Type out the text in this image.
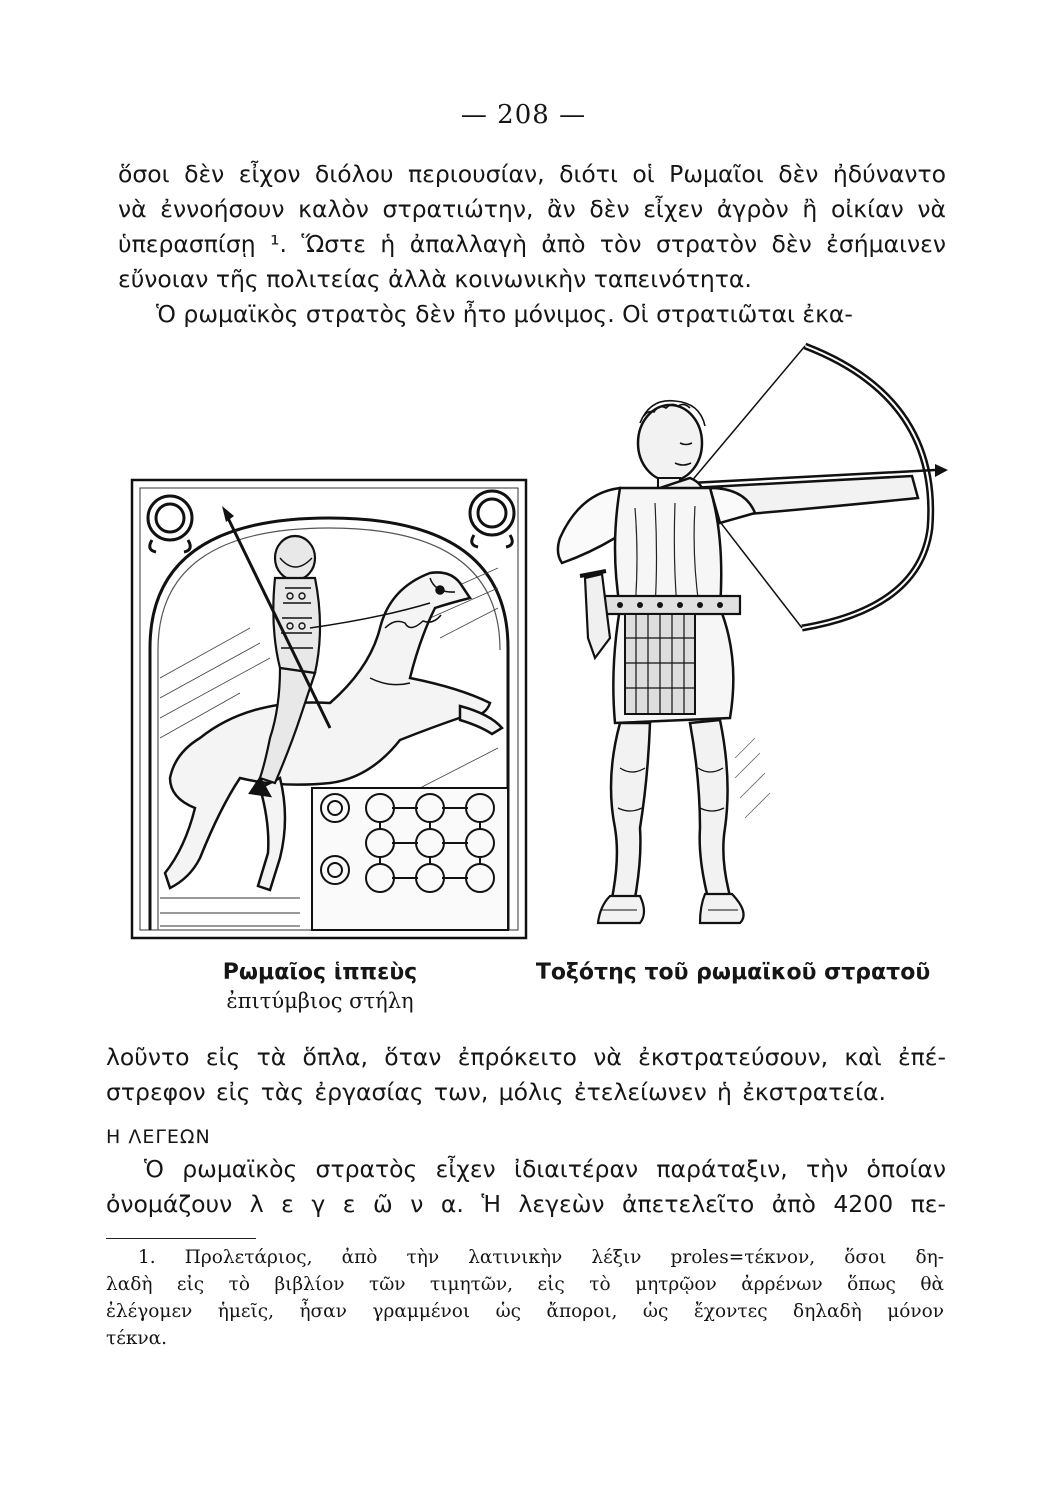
— 208 —
ὅσοι δὲν εἶχον διόλου περιουσίαν, διότι οἱ Ρωμαῖοι δὲν ἠδύναντο
νὰ ἐννοήσουν καλὸν στρατιώτην, ἂν δὲν εἶχεν ἀγρὸν ἢ οἰκίαν νὰ
ὑπερασπίσῃ ¹. Ὥστε ἡ ἀπαλλαγὴ ἀπὸ τὸν στρατὸν δὲν ἐσήμαινεν
εὔνοιαν τῆς πολιτείας ἀλλὰ κοινωνικὴν ταπεινότητα.
Ὁ ρωμαϊκὸς στρατὸς δὲν ἦτο μόνιμος. Οἱ στρατιῶται ἐκα-
Ρωμαῖος ἱππεὺς
ἐπιτύμβιος στήλη
Τοξότης τοῦ ρωμαϊκοῦ στρατοῦ
λοῦντο εἰς τὰ ὅπλα, ὅταν ἐπρόκειτο νὰ ἐκστρατεύσουν, καὶ ἐπέ-
στρεφον εἰς τὰς ἐργασίας των, μόλις ἐτελείωνεν ἡ ἐκστρατεία.
Η ΛΕΓΕΩΝ
Ὁ ρωμαϊκὸς στρατὸς εἶχεν ἰδιαιτέραν παράταξιν, τὴν ὁποίαν
ὀνομάζουν λ ε γ ε ῶ ν α. Ἡ λεγεὼν ἀπετελεῖτο ἀπὸ 4200 πε-
1. Προλετάριος, ἀπὸ τὴν λατινικὴν λέξιν proles=τέκνον, ὅσοι δη-
λαδὴ εἰς τὸ βιβλίον τῶν τιμητῶν, εἰς τὸ μητρῷον ἀρρένων ὅπως θὰ
ἐλέγομεν ἡμεῖς, ἦσαν γραμμένοι ὡς ἄποροι, ὡς ἔχοντες δηλαδὴ μόνον
τέκνα.
